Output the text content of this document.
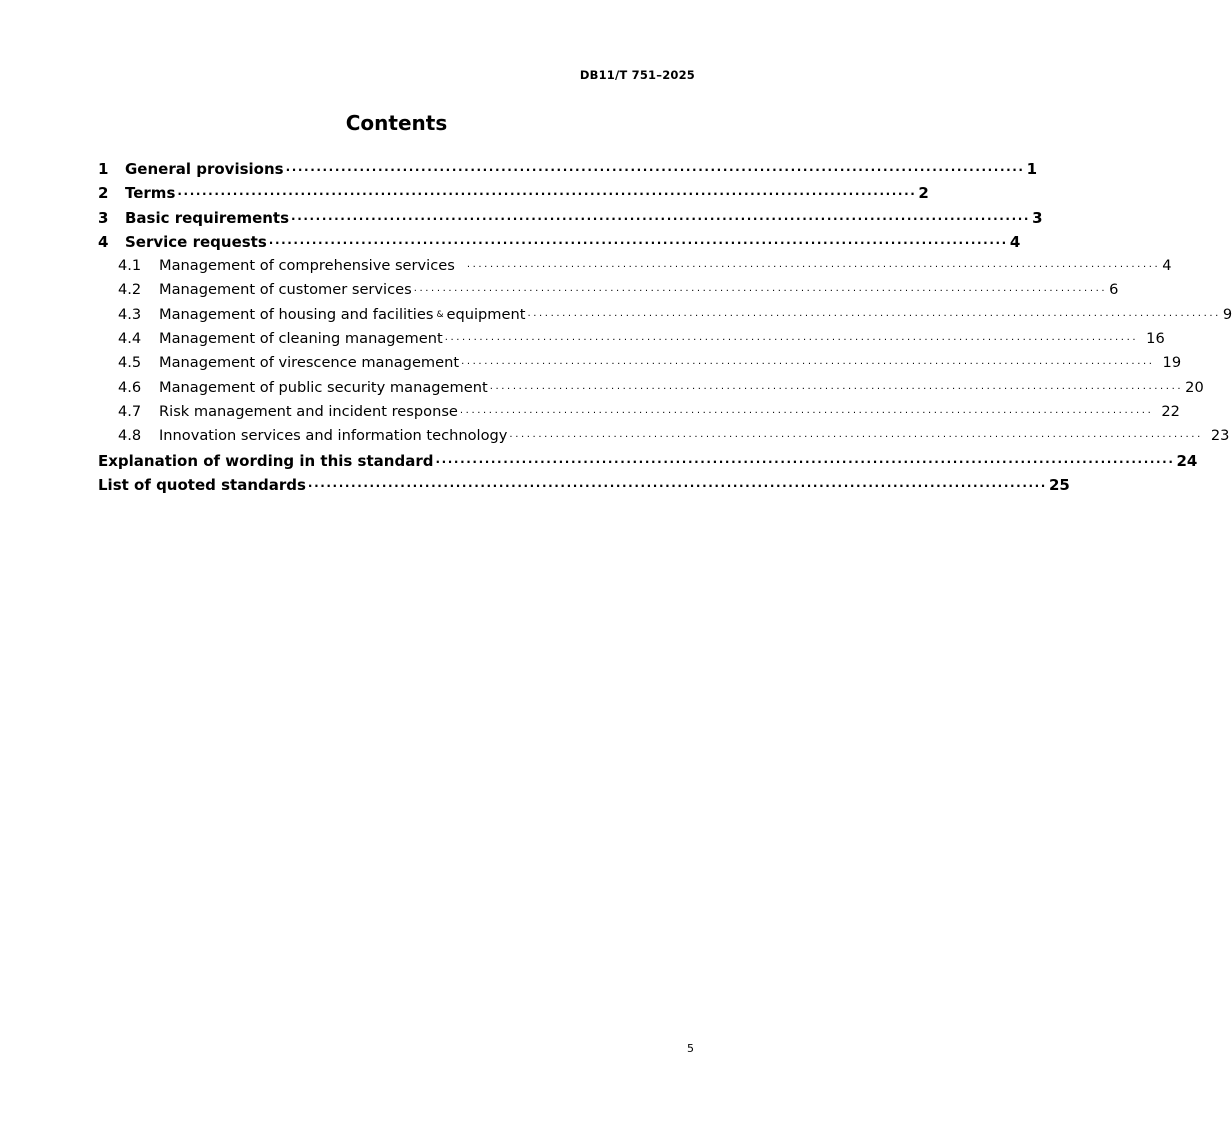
DB11/T 751–2025
Contents
1	General provisions ························································································································ 1
2	Terms ························································································································ 2
3	Basic requirements ························································································································ 3
4	Service requests ························································································································ 4
4.1	Management of comprehensive services ························································································································ 4
4.2	Management of customer services ························································································································ 6
4.3	Management of housing and facilities & equipment ························································································································ 9
4.4	Management of cleaning management ························································································································ 16
4.5	Management of virescence management ························································································································ 19
4.6	Management of public security management ························································································································ 20
4.7	Risk management and incident response ························································································································ 22
4.8	Innovation services and information technology ························································································································ 23
Explanation of wording in this standard ························································································································ 24
List of quoted standards ························································································································ 25
5
